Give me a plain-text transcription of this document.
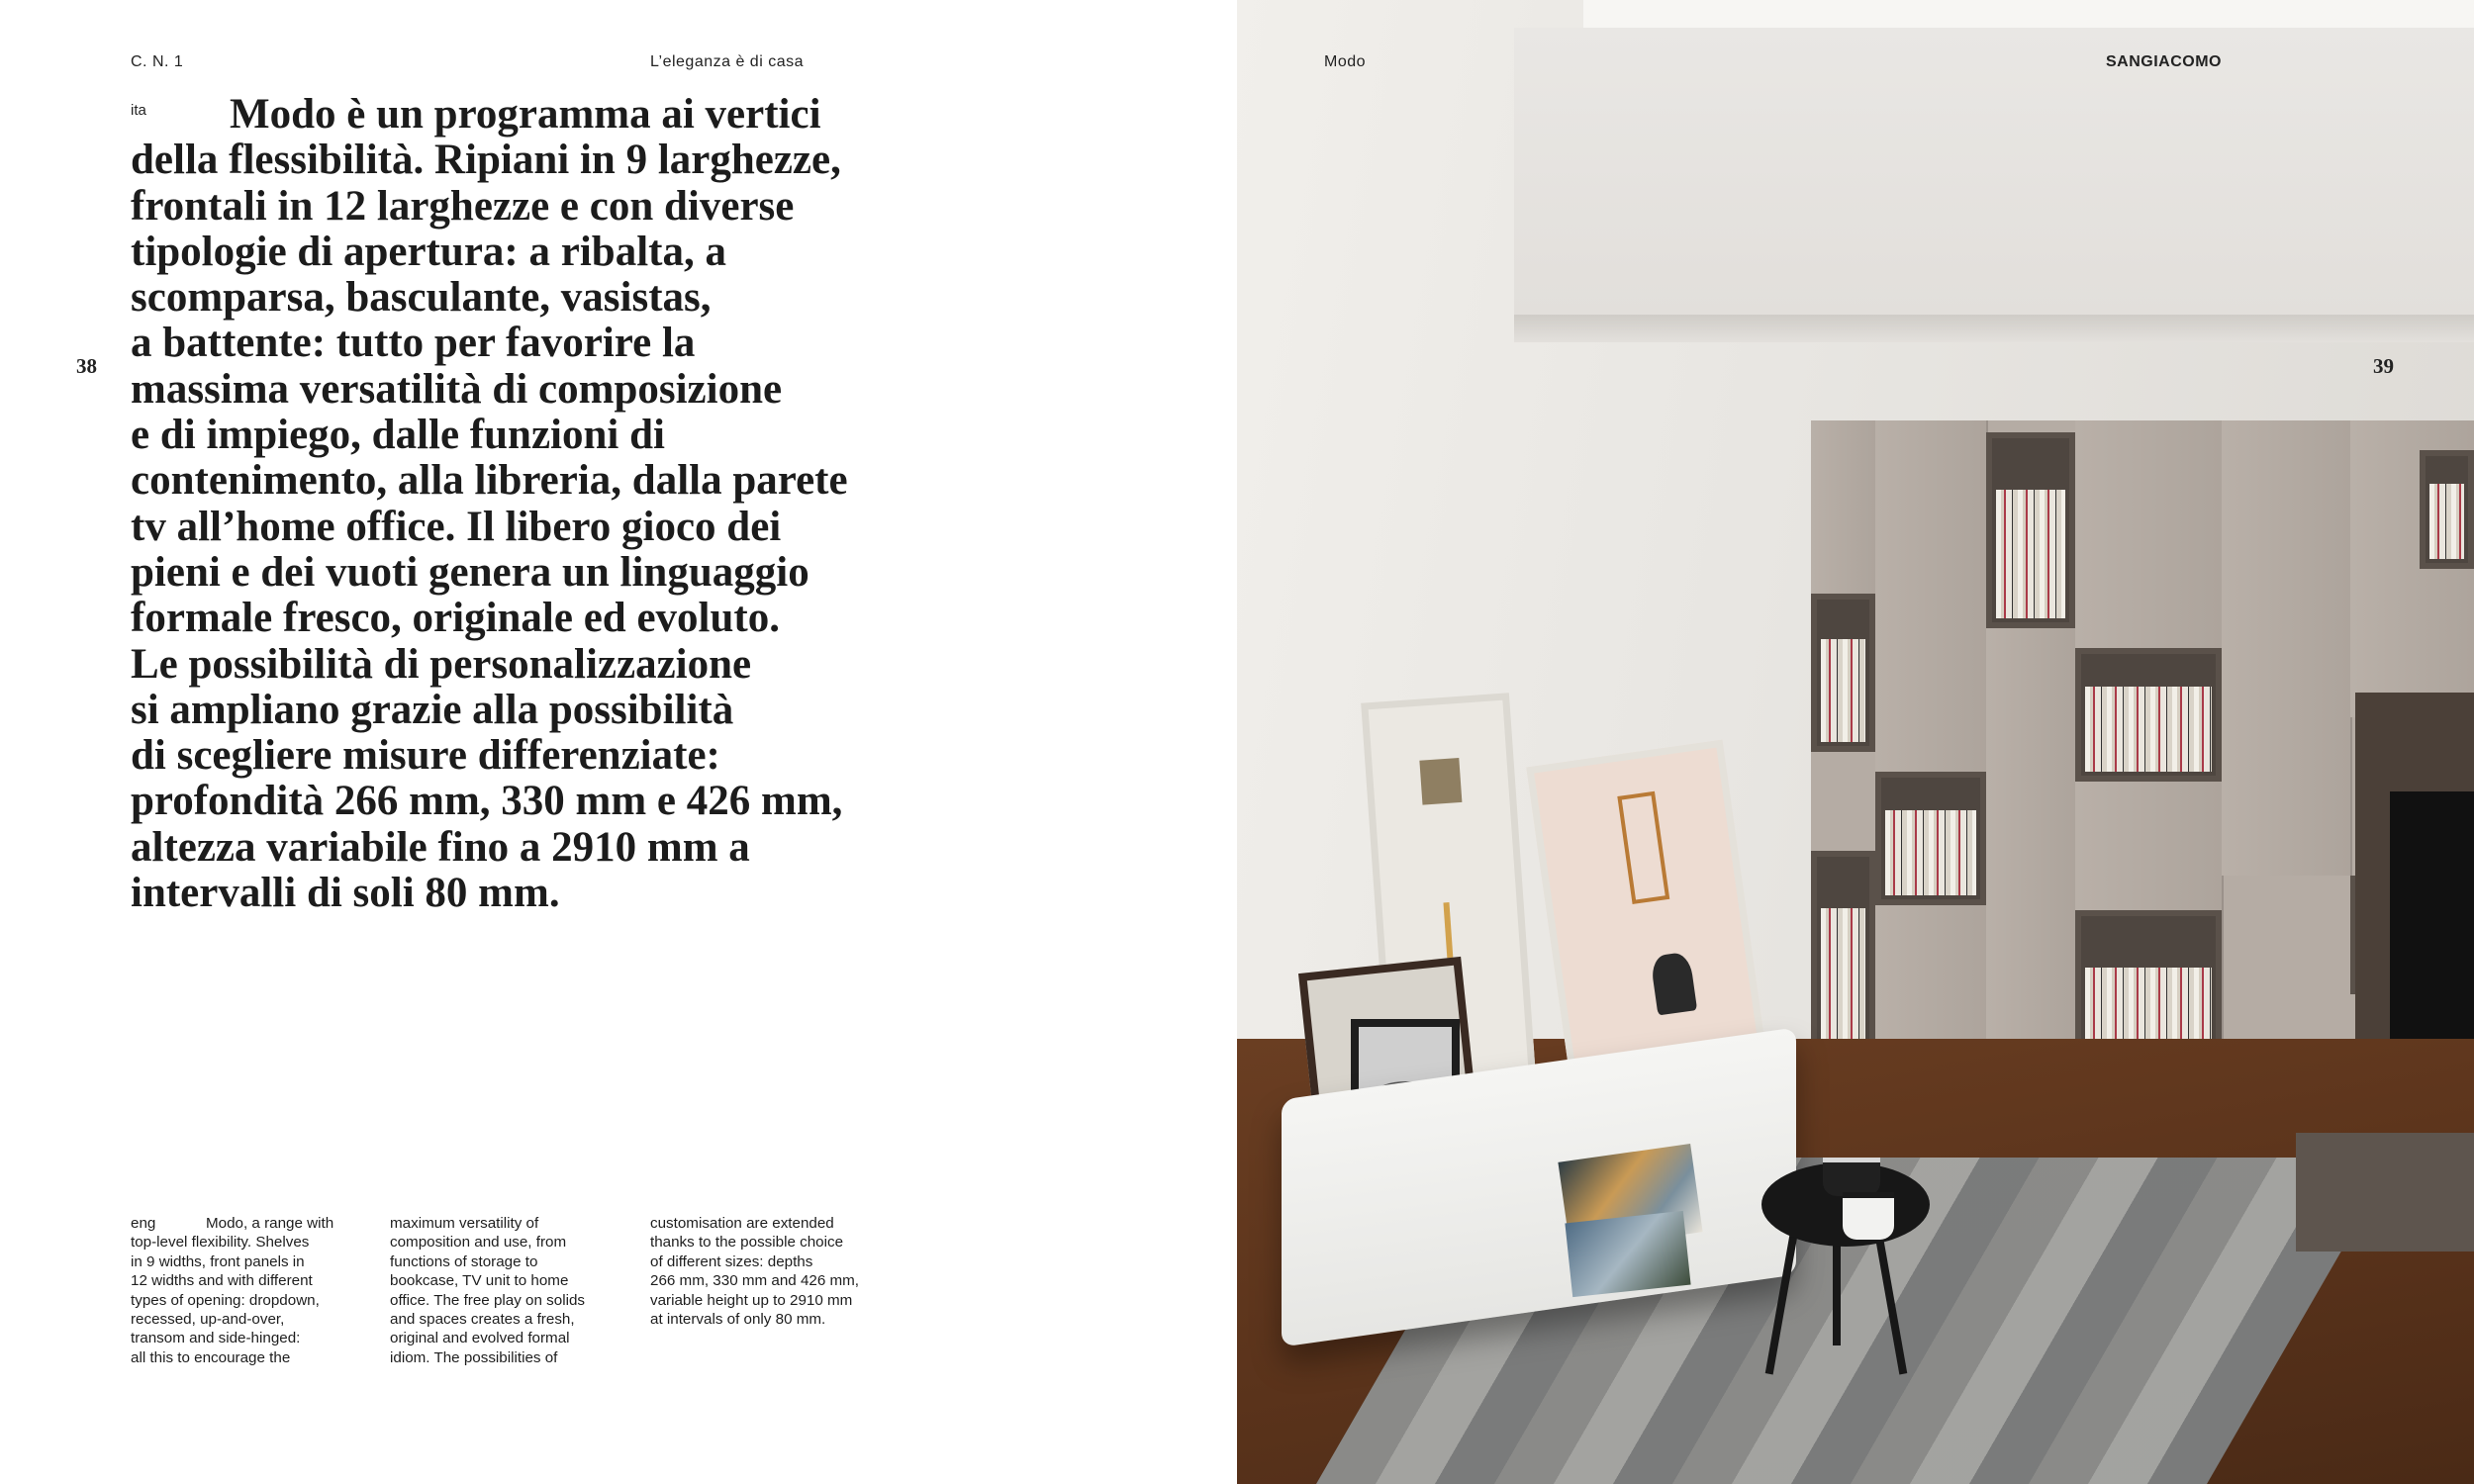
C. N. 1	L’eleganza è di casa
38
ita	Modo è un programma ai vertici
della flessibilità. Ripiani in 9 larghezze,
frontali in 12 larghezze e con diverse
tipologie di apertura: a ribalta, a
scomparsa, basculante, vasistas,
a battente: tutto per favorire la
massima versatilità di composizione
e di impiego, dalle funzioni di
contenimento, alla libreria, dalla parete
tv all’home office. Il libero gioco dei
pieni e dei vuoti genera un linguaggio
formale fresco, originale ed evoluto.
Le possibilità di personalizzazione
si ampliano grazie alla possibilità
di scegliere misure differenziate:
profondità 266 mm, 330 mm e 426 mm,
altezza variabile fino a 2910 mm a
intervalli di soli 80 mm.

eng	Modo, a range with
top-level flexibility. Shelves
in 9 widths, front panels in
12 widths and with different
types of opening: dropdown,
recessed, up-and-over,
transom and side-hinged:
all this to encourage the
maximum versatility of
composition and use, from
functions of storage to
bookcase, TV unit to home
office. The free play on solids
and spaces creates a fresh,
original and evolved formal
idiom. The possibilities of
customisation are extended
thanks to the possible choice
of different sizes: depths
266 mm, 330 mm and 426 mm,
variable height up to 2910 mm
at intervals of only 80 mm.
Modo	SANGIACOMO
39
